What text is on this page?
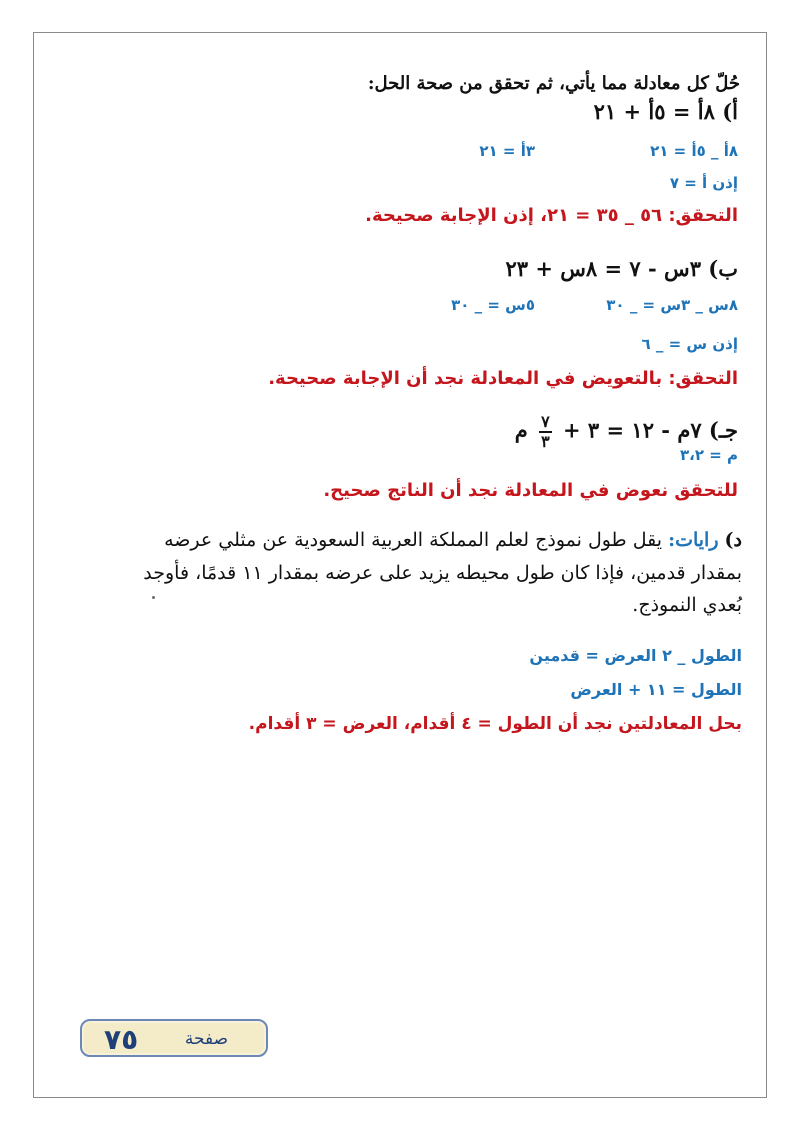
حُلّ كل معادلة مما يأتي، ثم تحقق من صحة الحل:
أ) ٨أ = ٥أ + ٢١
٨أ _ ٥أ = ٢١
٣أ = ٢١
إذن أ = ٧
التحقق: ٥٦ _ ٣٥ = ٢١، إذن الإجابة صحيحة.
ب) ٣س - ٧ = ٨س + ٢٣
٨س _ ٣س = _ ٣٠
٥س = _ ٣٠
إذن س = _ ٦
التحقق: بالتعويض في المعادلة نجد أن الإجابة صحيحة.
جـ) ٧م - ١٢ = ٣ +
$\frac{٧}{٣}$
م
م = ٣،٢
للتحقق نعوض في المعادلة نجد أن الناتج صحيح.
د) رايات: يقل طول نموذج لعلم المملكة العربية السعودية عن مثلي عرضه بمقدار قدمين، فإذا كان طول محيطه يزيد على عرضه بمقدار ١١ قدمًا، فأوجد بُعدي النموذج.
الطول _ ٢ العرض = قدمين
الطول = ١١ + العرض
بحل المعادلتين نجد أن الطول = ٤ أقدام، العرض = ٣ أقدام.
صفحة
٧٥
